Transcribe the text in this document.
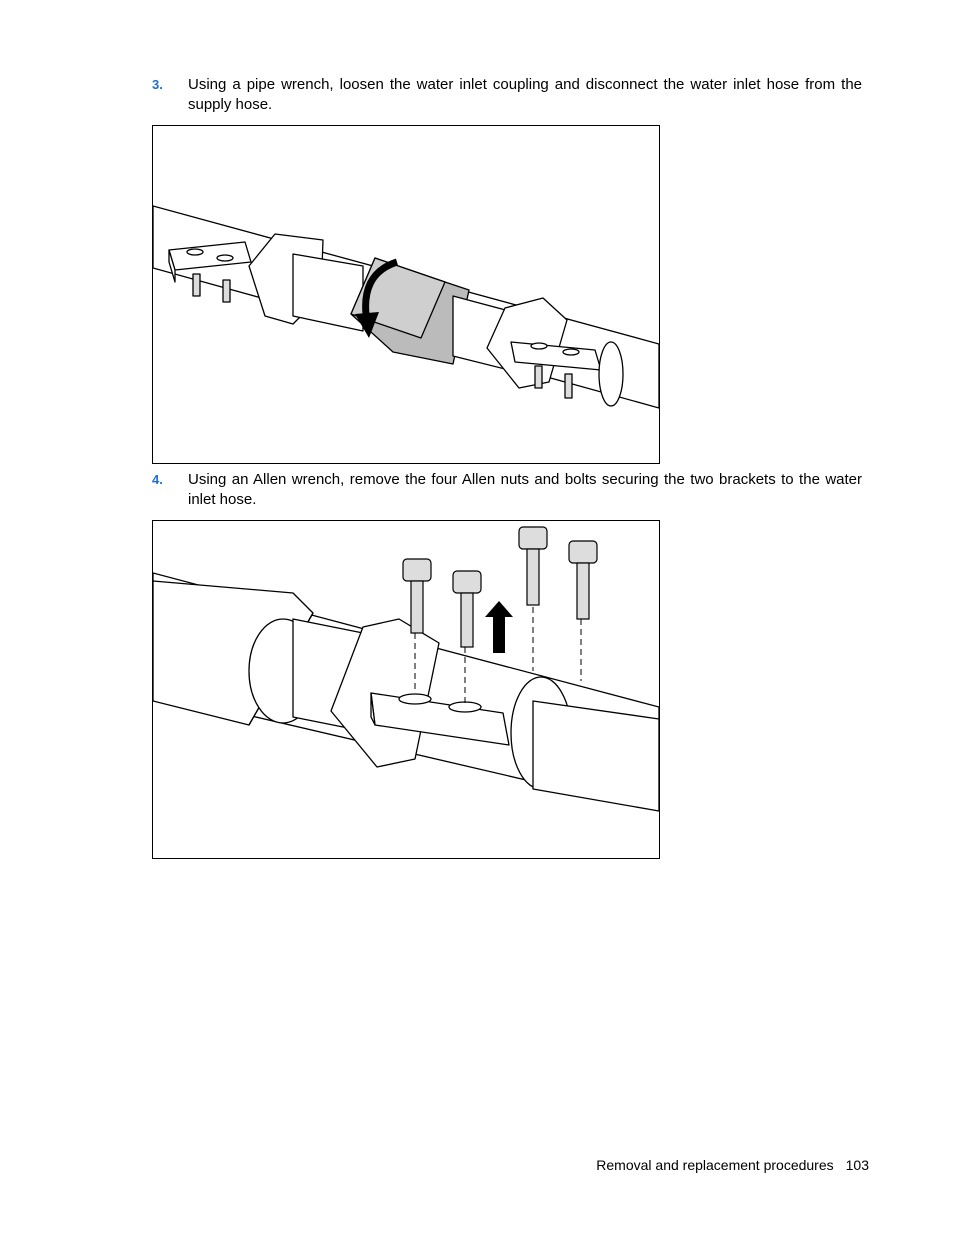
3. Using a pipe wrench, loosen the water inlet coupling and disconnect the water inlet hose from the supply hose.
4. Using an Allen wrench, remove the four Allen nuts and bolts securing the two brackets to the water inlet hose.
Removal and replacement procedures 103
